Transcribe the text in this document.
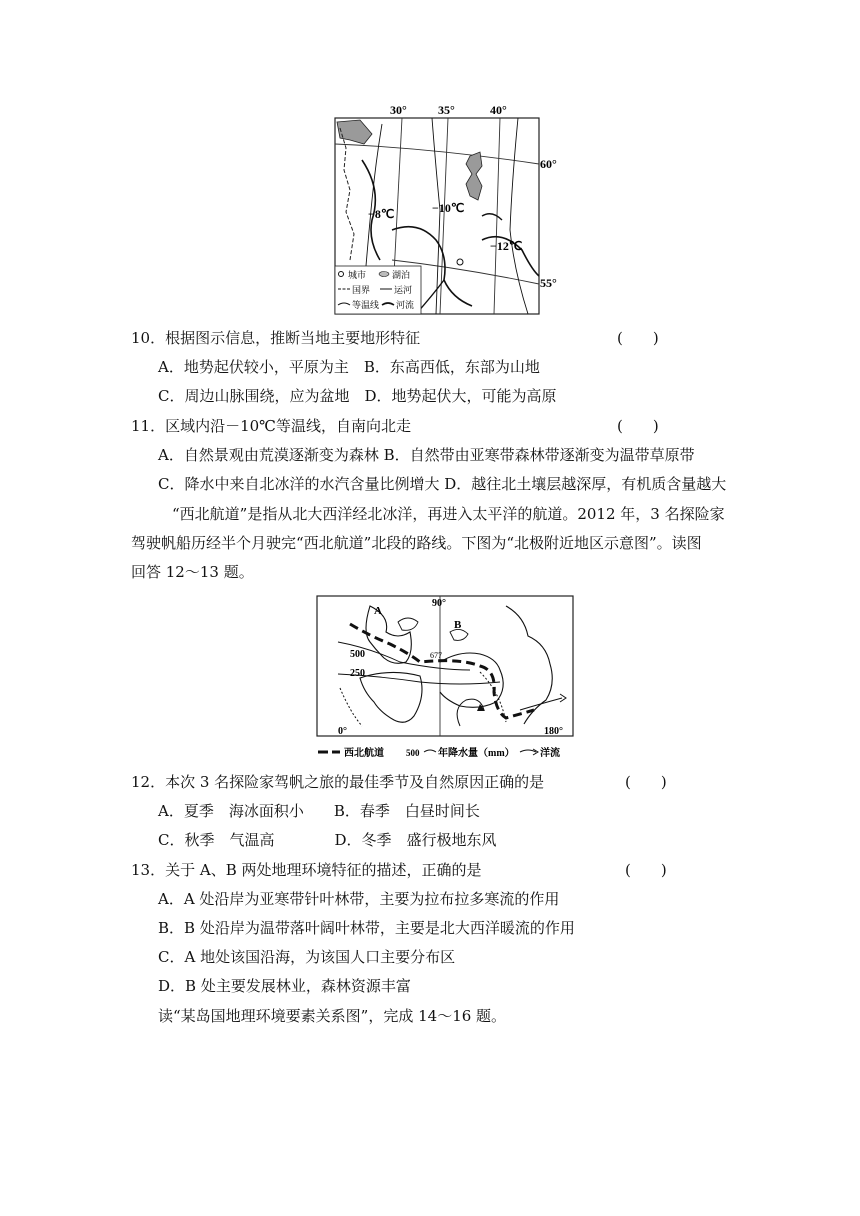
30°	35°	40°
60°
55°
−8℃	−10℃
−12℃
城市	湖泊
国界	运河
等温线 河流
10．根据图示信息，推断当地主要地形特征	(　　)
A．地势起伏较小，平原为主　B．东高西低，东部为山地
C．周边山脉围绕，应为盆地　D．地势起伏大，可能为高原
11．区域内沿－10℃等温线，自南向北走	(　　)
A．自然景观由荒漠逐渐变为森林 B．自然带由亚寒带森林带逐渐变为温带草原带
C．降水中来自北冰洋的水汽含量比例增大 D．越往北土壤层越深厚，有机质含量越大
“西北航道”是指从北大西洋经北冰洋，再进入太平洋的航道。2012 年，3 名探险家
驾驶帆船历经半个月驶完“西北航道”北段的路线。下图为“北极附近地区示意图”。读图
回答 12～13 题。
90°
0°	180°
500
250
677
A
B
西北航道 500 年降水量（mm）	洋流
12．本次 3 名探险家驾帆之旅的最佳季节及自然原因正确的是	(　　)
A．夏季　海冰面积小　　B．春季　白昼时间长
C．秋季　气温高　　　　D．冬季　盛行极地东风
13．关于 A、B 两处地理环境特征的描述，正确的是	(　　)
A．A 处沿岸为亚寒带针叶林带，主要为拉布拉多寒流的作用
B．B 处沿岸为温带落叶阔叶林带，主要是北大西洋暖流的作用
C．A 地处该国沿海，为该国人口主要分布区
D．B 处主要发展林业，森林资源丰富
读“某岛国地理环境要素关系图”，完成 14～16 题。
